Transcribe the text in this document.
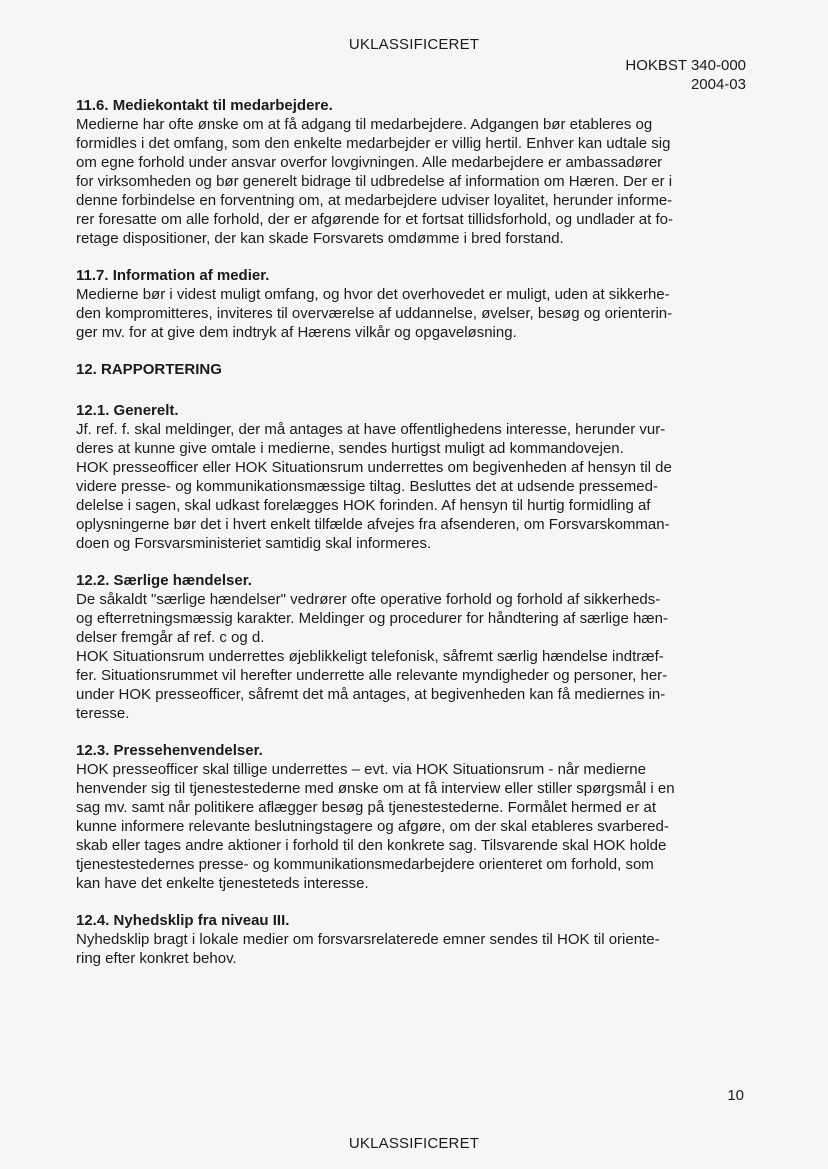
UKLASSIFICERET
HOKBST 340-000
2004-03
11.6. Mediekontakt til medarbejdere.

Medierne har ofte ønske om at få adgang til medarbejdere. Adgangen bør etableres og
formidles i det omfang, som den enkelte medarbejder er villig hertil. Enhver kan udtale sig
om egne forhold under ansvar overfor lovgivningen. Alle medarbejdere er ambassadører
for virksomheden og bør generelt bidrage til udbredelse af information om Hæren. Der er i
denne forbindelse en forventning om, at medarbejdere udviser loyalitet, herunder informe-
rer foresatte om alle forhold, der er afgørende for et fortsat tillidsforhold, og undlader at fo-
retage dispositioner, der kan skade Forsvarets omdømme i bred forstand.

11.7. Information af medier.

Medierne bør i videst muligt omfang, og hvor det overhovedet er muligt, uden at sikkerhe-
den kompromitteres, inviteres til overværelse af uddannelse, øvelser, besøg og orienterin-
ger mv. for at give dem indtryk af Hærens vilkår og opgaveløsning.

12. RAPPORTERING
12.1. Generelt.

Jf. ref. f. skal meldinger, der må antages at have offentlighedens interesse, herunder vur-
deres at kunne give omtale i medierne, sendes hurtigst muligt ad kommandovejen.
HOK presseofficer eller HOK Situationsrum underrettes om begivenheden af hensyn til de
videre presse- og kommunikationsmæssige tiltag. Besluttes det at udsende pressemed-
delelse i sagen, skal udkast forelægges HOK forinden. Af hensyn til hurtig formidling af
oplysningerne bør det i hvert enkelt tilfælde afvejes fra afsenderen, om Forsvarskomman-
doen og Forsvarsministeriet samtidig skal informeres.

12.2. Særlige hændelser.

De såkaldt "særlige hændelser" vedrører ofte operative forhold og forhold af sikkerheds-
og efterretningsmæssig karakter. Meldinger og procedurer for håndtering af særlige hæn-
delser fremgår af ref. c og d.
HOK Situationsrum underrettes øjeblikkeligt telefonisk, såfremt særlig hændelse indtræf-
fer. Situationsrummet vil herefter underrette alle relevante myndigheder og personer, her-
under HOK presseofficer, såfremt det må antages, at begivenheden kan få mediernes in-
teresse.

12.3. Pressehenvendelser.

HOK presseofficer skal tillige underrettes – evt. via HOK Situationsrum - når medierne
henvender sig til tjenestestederne med ønske om at få interview eller stiller spørgsmål i en
sag mv. samt når politikere aflægger besøg på tjenestestederne. Formålet hermed er at
kunne informere relevante beslutningstagere og afgøre, om der skal etableres svarbered-
skab eller tages andre aktioner i forhold til den konkrete sag. Tilsvarende skal HOK holde
tjenestestedernes presse- og kommunikationsmedarbejdere orienteret om forhold, som
kan have det enkelte tjenesteteds interesse.

12.4. Nyhedsklip fra niveau III.

Nyhedsklip bragt i lokale medier om forsvarsrelaterede emner sendes til HOK til oriente-
ring efter konkret behov.

10
UKLASSIFICERET
